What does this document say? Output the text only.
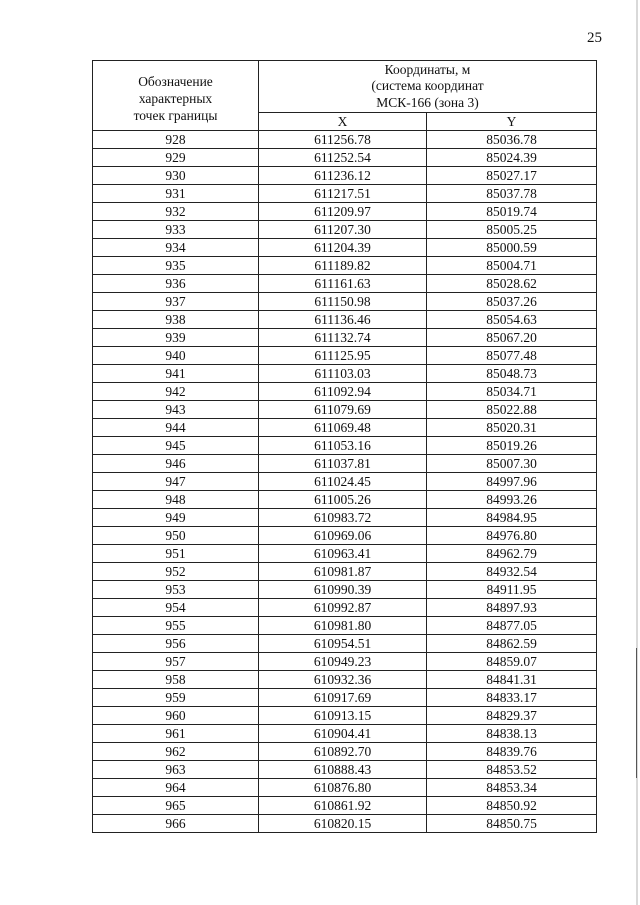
25
Обозначение
характерных
точек границы	Координаты, м
(система координат
МСК-166 (зона 3)	

	X	Y
928	611256.78	85036.78
929	611252.54	85024.39
930	611236.12	85027.17
931	611217.51	85037.78
932	611209.97	85019.74
933	611207.30	85005.25
934	611204.39	85000.59
935	611189.82	85004.71
936	611161.63	85028.62
937	611150.98	85037.26
938	611136.46	85054.63
939	611132.74	85067.20
940	611125.95	85077.48
941	611103.03	85048.73
942	611092.94	85034.71
943	611079.69	85022.88
944	611069.48	85020.31
945	611053.16	85019.26
946	611037.81	85007.30
947	611024.45	84997.96
948	611005.26	84993.26
949	610983.72	84984.95
950	610969.06	84976.80
951	610963.41	84962.79
952	610981.87	84932.54
953	610990.39	84911.95
954	610992.87	84897.93
955	610981.80	84877.05
956	610954.51	84862.59
957	610949.23	84859.07
958	610932.36	84841.31
959	610917.69	84833.17
960	610913.15	84829.37
961	610904.41	84838.13
962	610892.70	84839.76
963	610888.43	84853.52
964	610876.80	84853.34
965	610861.92	84850.92
966	610820.15	84850.75
